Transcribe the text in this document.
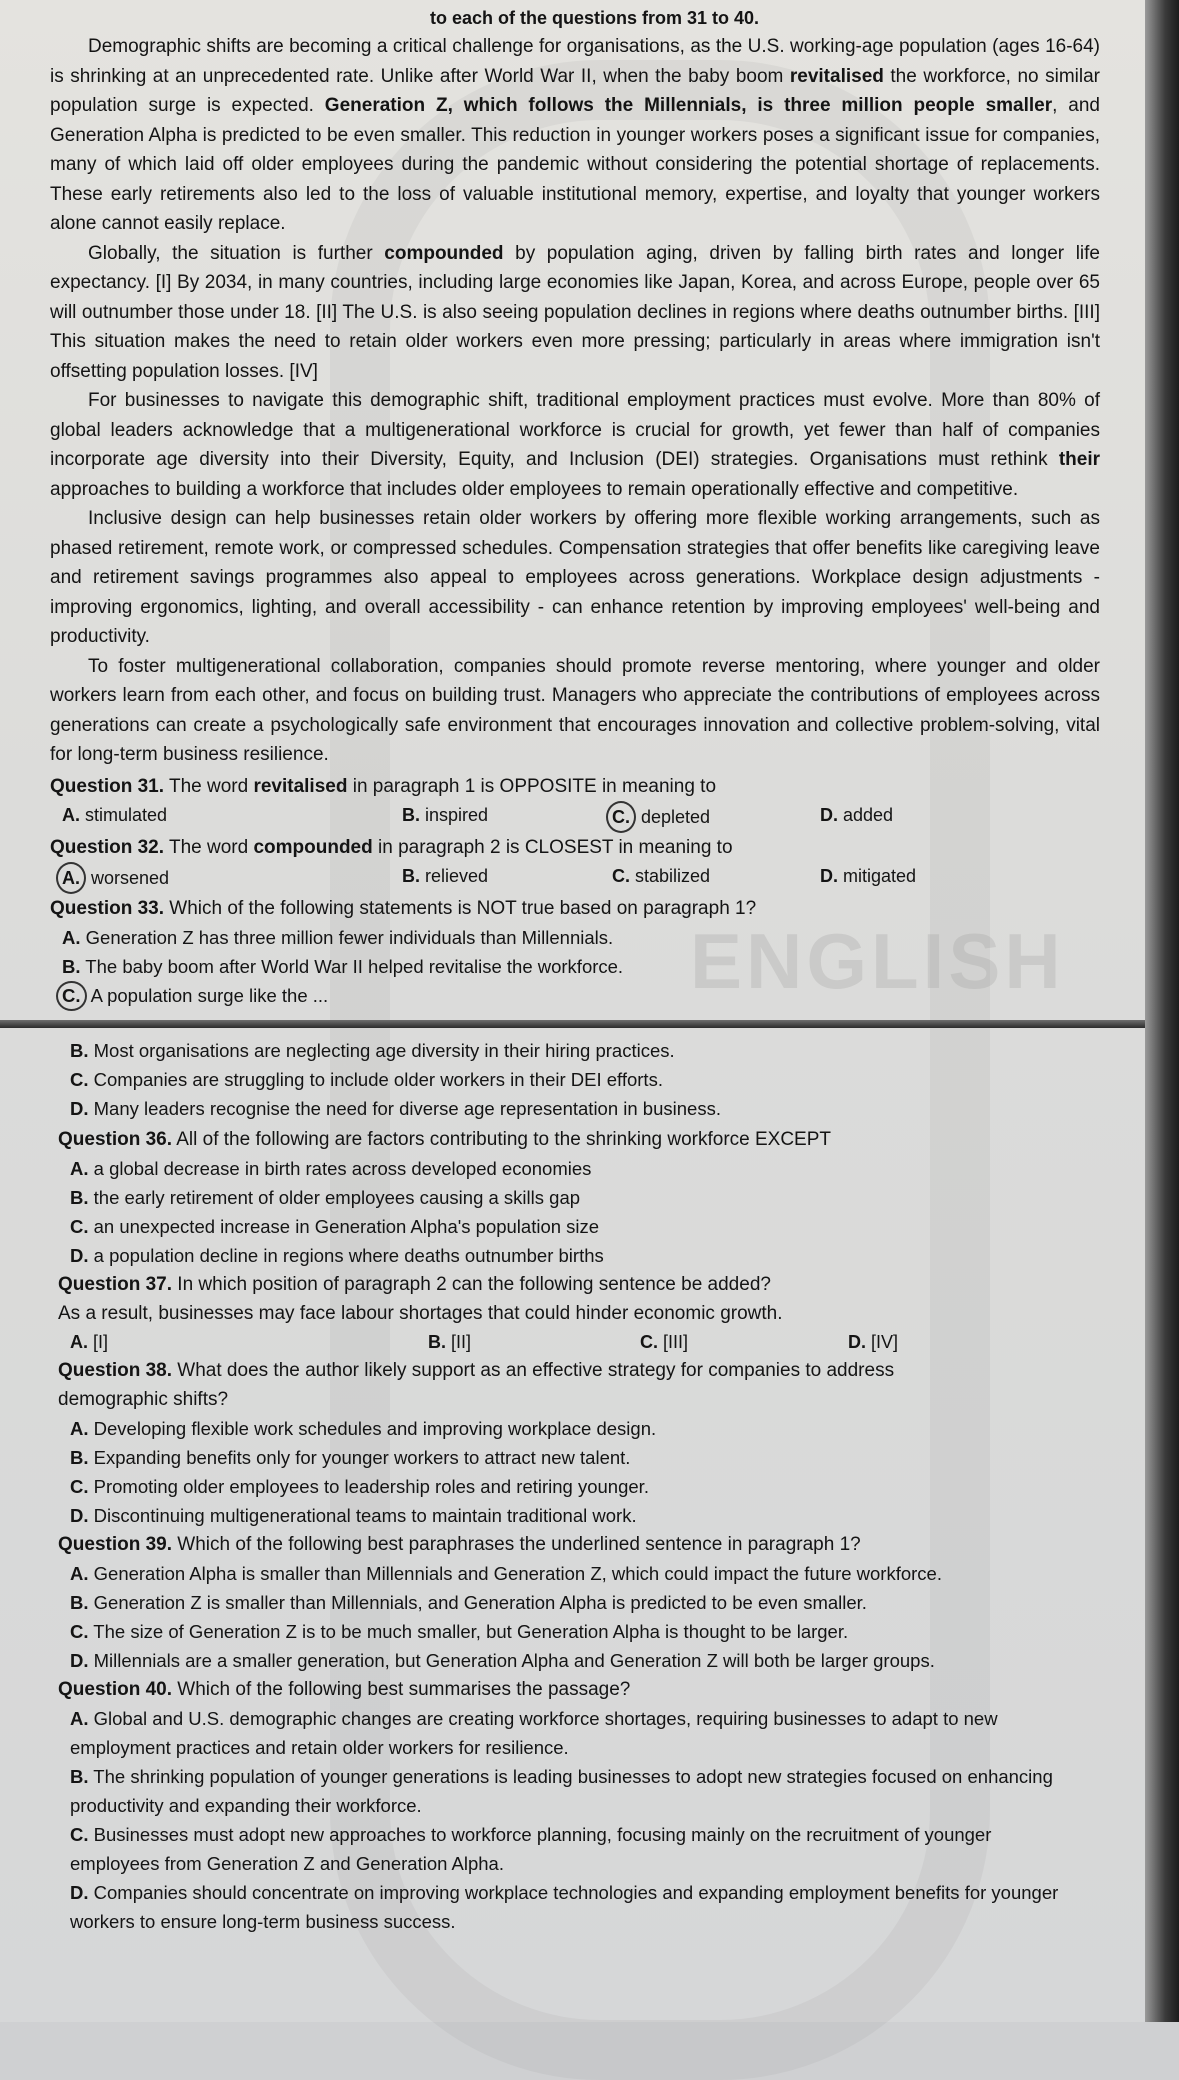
to each of the questions from 31 to 40.

Demographic shifts are becoming a critical challenge for organisations, as the U.S. working-age population (ages 16-64) is shrinking at an unprecedented rate. Unlike after World War II, when the baby boom revitalised the workforce, no similar population surge is expected. Generation Z, which follows the Millennials, is three million people smaller, and Generation Alpha is predicted to be even smaller. This reduction in younger workers poses a significant issue for companies, many of which laid off older employees during the pandemic without considering the potential shortage of replacements. These early retirements also led to the loss of valuable institutional memory, expertise, and loyalty that younger workers alone cannot easily replace.

Globally, the situation is further compounded by population aging, driven by falling birth rates and longer life expectancy. [I] By 2034, in many countries, including large economies like Japan, Korea, and across Europe, people over 65 will outnumber those under 18. [II] The U.S. is also seeing population declines in regions where deaths outnumber births. [III] This situation makes the need to retain older workers even more pressing; particularly in areas where immigration isn't offsetting population losses. [IV]

For businesses to navigate this demographic shift, traditional employment practices must evolve. More than 80% of global leaders acknowledge that a multigenerational workforce is crucial for growth, yet fewer than half of companies incorporate age diversity into their Diversity, Equity, and Inclusion (DEI) strategies. Organisations must rethink their approaches to building a workforce that includes older employees to remain operationally effective and competitive.

Inclusive design can help businesses retain older workers by offering more flexible working arrangements, such as phased retirement, remote work, or compressed schedules. Compensation strategies that offer benefits like caregiving leave and retirement savings programmes also appeal to employees across generations. Workplace design adjustments - improving ergonomics, lighting, and overall accessibility - can enhance retention by improving employees' well-being and productivity.

To foster multigenerational collaboration, companies should promote reverse mentoring, where younger and older workers learn from each other, and focus on building trust. Managers who appreciate the contributions of employees across generations can create a psychologically safe environment that encourages innovation and collective problem-solving, vital for long-term business resilience.

Question 31. The word revitalised in paragraph 1 is OPPOSITE in meaning to
A. stimulated	B. inspired	C. depleted	D. added
Question 32. The word compounded in paragraph 2 is CLOSEST in meaning to
A. worsened	B. relieved	C. stabilized	D. mitigated
Question 33. Which of the following statements is NOT true based on paragraph 1?
A. Generation Z has three million fewer individuals than Millennials.
B. The baby boom after World War II helped revitalise the workforce.
C. A population surge like the ...	ENGLISH
B. Most organisations are neglecting age diversity in their hiring practices.
C. Companies are struggling to include older workers in their DEI efforts.
D. Many leaders recognise the need for diverse age representation in business.
Question 36. All of the following are factors contributing to the shrinking workforce EXCEPT
A. a global decrease in birth rates across developed economies
B. the early retirement of older employees causing a skills gap
C. an unexpected increase in Generation Alpha's population size
D. a population decline in regions where deaths outnumber births
Question 37. In which position of paragraph 2 can the following sentence be added?
As a result, businesses may face labour shortages that could hinder economic growth.
A. [I]	B. [II]	C. [III]	D. [IV]
Question 38. What does the author likely support as an effective strategy for companies to address demographic shifts?
A. Developing flexible work schedules and improving workplace design.
B. Expanding benefits only for younger workers to attract new talent.
C. Promoting older employees to leadership roles and retiring younger.
D. Discontinuing multigenerational teams to maintain traditional work.
Question 39. Which of the following best paraphrases the underlined sentence in paragraph 1?
A. Generation Alpha is smaller than Millennials and Generation Z, which could impact the future workforce.
B. Generation Z is smaller than Millennials, and Generation Alpha is predicted to be even smaller.
C. The size of Generation Z is to be much smaller, but Generation Alpha is thought to be larger.
D. Millennials are a smaller generation, but Generation Alpha and Generation Z will both be larger groups.
Question 40. Which of the following best summarises the passage?
A. Global and U.S. demographic changes are creating workforce shortages, requiring businesses to adapt to new employment practices and retain older workers for resilience.
B. The shrinking population of younger generations is leading businesses to adopt new strategies focused on enhancing productivity and expanding their workforce.
C. Businesses must adopt new approaches to workforce planning, focusing mainly on the recruitment of younger employees from Generation Z and Generation Alpha.
D. Companies should concentrate on improving workplace technologies and expanding employment benefits for younger workers to ensure long-term business success.
